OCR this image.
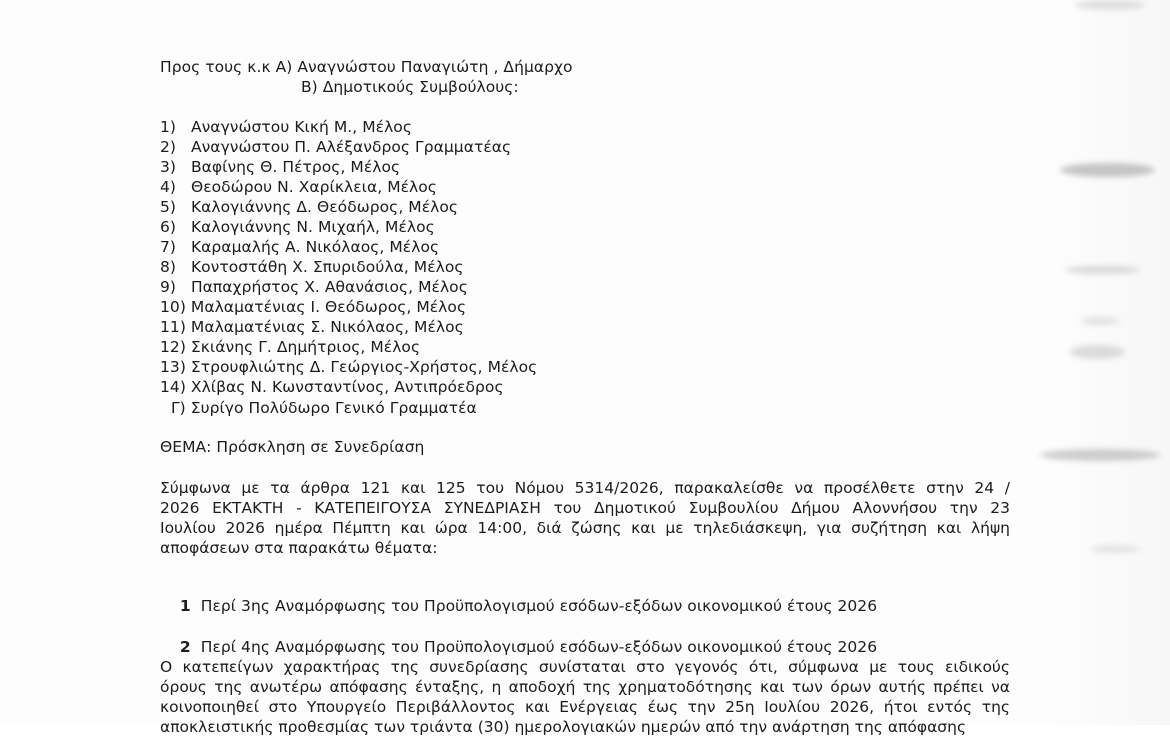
Προς τους κ.κ Α) Αναγνώστου Παναγιώτη , Δήμαρχο
Β) Δημοτικούς Συμβούλους:
1)   Αναγνώστου Κική Μ., Μέλος
2)   Αναγνώστου Π. Αλέξανδρος Γραμματέας
3)   Βαφίνης Θ. Πέτρος, Μέλος
4)   Θεοδώρου Ν. Χαρίκλεια, Μέλος
5)   Καλογιάννης Δ. Θεόδωρος, Μέλος
6)   Καλογιάννης Ν. Μιχαήλ, Μέλος
7)   Καραμαλής Α. Νικόλαος, Μέλος
8)   Κοντοστάθη Χ. Σπυριδούλα, Μέλος
9)   Παπαχρήστος Χ. Αθανάσιος, Μέλος
10) Μαλαματένιας Ι. Θεόδωρος, Μέλος
11) Μαλαματένιας Σ. Νικόλαος, Μέλος
12) Σκιάνης Γ. Δημήτριος, Μέλος
13) Στρουφλιώτης Δ. Γεώργιος-Χρήστος, Μέλος
14) Χλίβας Ν. Κωνσταντίνος, Αντιπρόεδρος
Γ) Συρίγο Πολύδωρο Γενικό Γραμματέα
ΘΕΜΑ: Πρόσκληση σε Συνεδρίαση
Σύμφωνα με τα άρθρα 121 και 125 του Νόμου 5314/2026, παρακαλείσθε να προσέλθετε στην 24 /
2026 ΕΚΤΑΚΤΗ - ΚΑΤΕΠΕΙΓΟΥΣΑ ΣΥΝΕΔΡΙΑΣΗ του Δημοτικού Συμβουλίου Δήμου Αλοννήσου την 23
Ιουλίου 2026 ημέρα Πέμπτη και ώρα 14:00, διά ζώσης και με τηλεδιάσκεψη, για συζήτηση και λήψη
αποφάσεων στα παρακάτω θέματα:

1 Περί 3ης Αναμόρφωσης του Προϋπολογισμού εσόδων-εξόδων οικονομικού έτους 2026

2 Περί 4ης Αναμόρφωσης του Προϋπολογισμού εσόδων-εξόδων οικονομικού έτους 2026

Ο κατεπείγων χαρακτήρας της συνεδρίασης συνίσταται στο γεγονός ότι, σύμφωνα με τους ειδικούς
όρους της ανωτέρω απόφασης ένταξης, η αποδοχή της χρηματοδότησης και των όρων αυτής πρέπει να
κοινοποιηθεί στο Υπουργείο Περιβάλλοντος και Ενέργειας έως την 25η Ιουλίου 2026, ήτοι εντός της
αποκλειστικής προθεσμίας των τριάντα (30) ημερολογιακών ημερών από την ανάρτηση της απόφασης
